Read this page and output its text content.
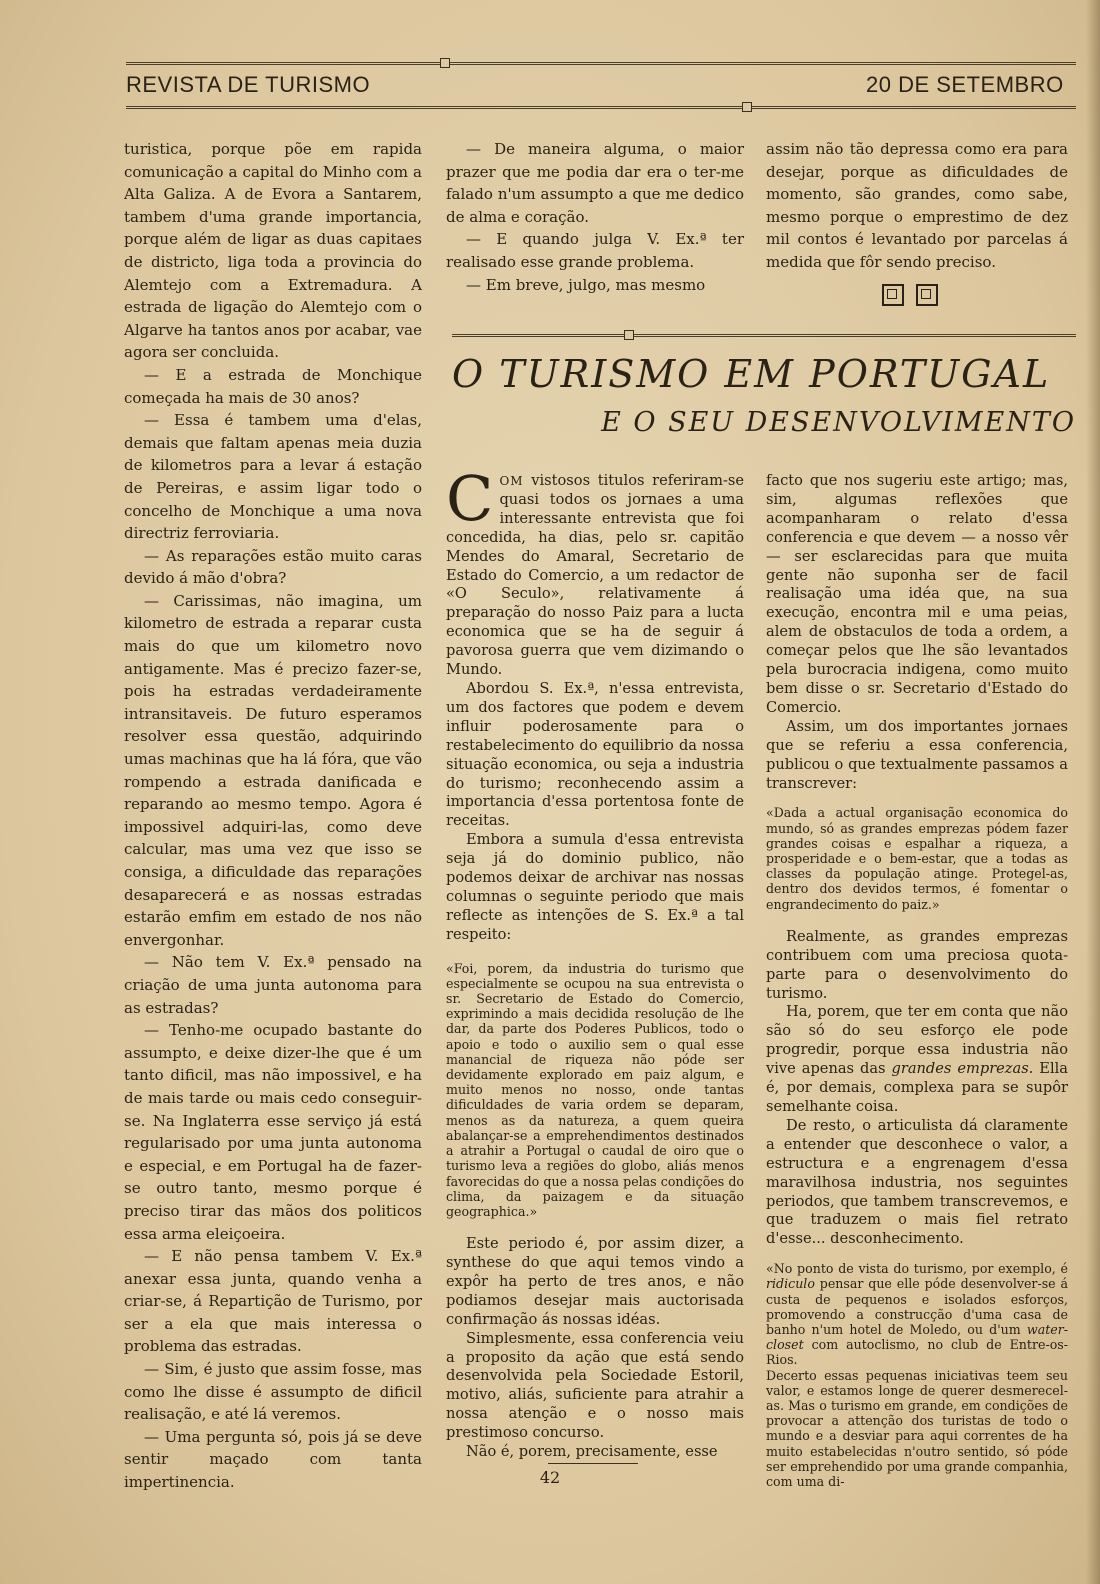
REVISTA DE TURISMO	20 DE SETEMBRO

turistica, porque põe em rapida comunicação a capital do Minho com a Alta Galiza. A de Evora a Santarem, tambem d'uma grande importancia, porque além de ligar as duas capitaes de districto, liga toda a provincia do Alemtejo com a Extremadura. A estrada de ligação do Alemtejo com o Algarve ha tantos anos por acabar, vae agora ser concluida.

— E a estrada de Monchique começada ha mais de 30 anos?

— Essa é tambem uma d'elas, demais que faltam apenas meia duzia de kilometros para a levar á estação de Pereiras, e assim ligar todo o concelho de Monchique a uma nova directriz ferroviaria.

— As reparações estão muito caras devido á mão d'obra?

— Carissimas, não imagina, um kilometro de estrada a reparar custa mais do que um kilometro novo antigamente. Mas é precizo fazer-se, pois ha estradas verdadeiramente intransitaveis. De futuro esperamos resolver essa questão, adquirindo umas machinas que ha lá fóra, que vão rompendo a estrada danificada e reparando ao mesmo tempo. Agora é impossivel adquiri-las, como deve calcular, mas uma vez que isso se consiga, a dificuldade das reparações desaparecerá e as nossas estradas estarão emfim em estado de nos não envergonhar.

— Não tem V. Ex.ª pensado na criação de uma junta autonoma para as estradas?

— Tenho-me ocupado bastante do assumpto, e deixe dizer-lhe que é um tanto dificil, mas não impossivel, e ha de mais tarde ou mais cedo conseguir-se. Na Inglaterra esse serviço já está regularisado por uma junta autonoma e especial, e em Portugal ha de fazer-se outro tanto, mesmo porque é preciso tirar das mãos dos politicos essa arma eleiçoeira.

— E não pensa tambem V. Ex.ª anexar essa junta, quando venha a criar-se, á Repartição de Turismo, por ser a ela que mais interessa o problema das estradas.

— Sim, é justo que assim fosse, mas como lhe disse é assumpto de dificil realisação, e até lá veremos.

— Uma pergunta só, pois já se deve sentir maçado com tanta impertinencia.

— De maneira alguma, o maior prazer que me podia dar era o ter-me falado n'um assumpto a que me dedico de alma e coração.

— E quando julga V. Ex.ª ter realisado esse grande problema.

— Em breve, julgo, mas mesmo

assim não tão depressa como era para desejar, porque as dificuldades de momento, são grandes, como sabe, mesmo porque o emprestimo de dez mil contos é levantado por parcelas á medida que fôr sendo preciso.

O TURISMO EM PORTUGAL
E O SEU DESENVOLVIMENTO

COM vistosos titulos referiram-se quasi todos os jornaes a uma interessante entrevista que foi concedida, ha dias, pelo sr. capitão Mendes do Amaral, Secretario de Estado do Comercio, a um redactor de «O Seculo», relativamente á preparação do nosso Paiz para a lucta economica que se ha de seguir á pavorosa guerra que vem dizimando o Mundo.

Abordou S. Ex.ª, n'essa entrevista, um dos factores que podem e devem influir poderosamente para o restabelecimento do equilibrio da nossa situação economica, ou seja a industria do turismo; reconhecendo assim a importancia d'essa portentosa fonte de receitas.

Embora a sumula d'essa entrevista seja já do dominio publico, não podemos deixar de archivar nas nossas columnas o seguinte periodo que mais reflecte as intenções de S. Ex.ª a tal respeito:

«Foi, porem, da industria do turismo que especialmente se ocupou na sua entrevista o sr. Secretario de Estado do Comercio, exprimindo a mais decidida resolução de lhe dar, da parte dos Poderes Publicos, todo o apoio e todo o auxilio sem o qual esse manancial de riqueza não póde ser devidamente explorado em paiz algum, e muito menos no nosso, onde tantas dificuldades de varia ordem se deparam, menos as da natureza, a quem queira abalançar-se a emprehendimentos destinados a atrahir a Portugal o caudal de oiro que o turismo leva a regiões do globo, aliás menos favorecidas do que a nossa pelas condições do clima, da paizagem e da situação geographica.»

Este periodo é, por assim dizer, a synthese do que aqui temos vindo a expôr ha perto de tres anos, e não podiamos desejar mais auctorisada confirmação ás nossas idéas.

Simplesmente, essa conferencia veiu a proposito da ação que está sendo desenvolvida pela Sociedade Estoril, motivo, aliás, suficiente para atrahir a nossa atenção e o nosso mais prestimoso concurso.

Não é, porem, precisamente, esse

facto que nos sugeriu este artigo; mas, sim, algumas reflexões que acompanharam o relato d'essa conferencia e que devem — a nosso vêr — ser esclarecidas para que muita gente não suponha ser de facil realisação uma idéa que, na sua execução, encontra mil e uma peias, alem de obstaculos de toda a ordem, a começar pelos que lhe são levantados pela burocracia indigena, como muito bem disse o sr. Secretario d'Estado do Comercio.

Assim, um dos importantes jornaes que se referiu a essa conferencia, publicou o que textualmente passamos a transcrever:

«Dada a actual organisação economica do mundo, só as grandes emprezas pódem fazer grandes coisas e espalhar a riqueza, a prosperidade e o bem-estar, que a todas as classes da população atinge. Protegel-as, dentro dos devidos termos, é fomentar o engrandecimento do paiz.»

Realmente, as grandes emprezas contribuem com uma preciosa quota-parte para o desenvolvimento do turismo.

Ha, porem, que ter em conta que não são só do seu esforço ele pode progredir, porque essa industria não vive apenas das grandes emprezas. Ella é, por demais, complexa para se supôr semelhante coisa.

De resto, o articulista dá claramente a entender que desconhece o valor, a estructura e a engrenagem d'essa maravilhosa industria, nos seguintes periodos, que tambem transcrevemos, e que traduzem o mais fiel retrato d'esse... desconhecimento.

«No ponto de vista do turismo, por exemplo, é ridiculo pensar que elle póde desenvolver-se á custa de pequenos e isolados esforços, promovendo a construcção d'uma casa de banho n'um hotel de Moledo, ou d'um water-closet com autoclismo, no club de Entre-os-Rios.

Decerto essas pequenas iniciativas teem seu valor, e estamos longe de querer desmerecel-as. Mas o turismo em grande, em condições de provocar a attenção dos turistas de todo o mundo e a desviar para aqui correntes de ha muito estabelecidas n'outro sentido, só póde ser emprehendido por uma grande companhia, com uma di-

42
